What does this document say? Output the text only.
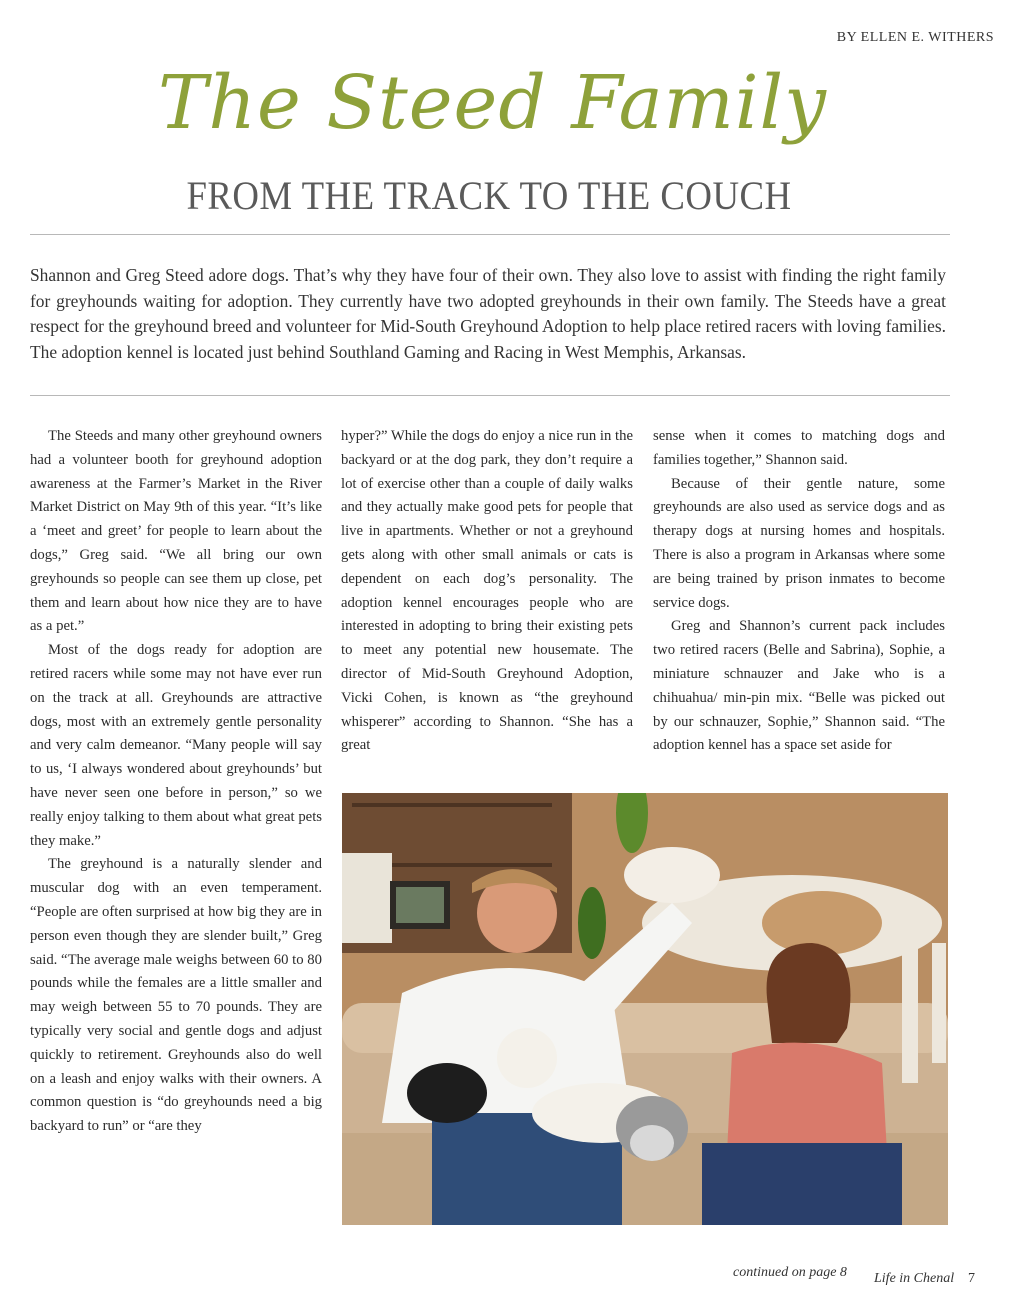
BY ELLEN E. WITHERS
The Steed Family
FROM THE TRACK TO THE COUCH
Shannon and Greg Steed adore dogs. That’s why they have four of their own. They also love to assist with finding the right family for greyhounds waiting for adoption. They currently have two adopted greyhounds in their own family. The Steeds have a great respect for the greyhound breed and volunteer for Mid-South Greyhound Adoption to help place retired racers with loving families. The adoption kennel is located just behind Southland Gaming and Racing in West Memphis, Arkansas.

The Steeds and many other greyhound owners had a volunteer booth for greyhound adoption awareness at the Farmer’s Market in the River Market District on May 9th of this year. “It’s like a ‘meet and greet’ for people to learn about the dogs,” Greg said. “We all bring our own greyhounds so people can see them up close, pet them and learn about how nice they are to have as a pet.”

Most of the dogs ready for adoption are retired racers while some may not have ever run on the track at all. Greyhounds are attractive dogs, most with an extremely gentle personality and very calm demeanor. “Many people will say to us, ‘I always wondered about greyhounds’ but have never seen one before in person,” so we really enjoy talking to them about what great pets they make.”

The greyhound is a naturally slender and muscular dog with an even temperament. “People are often surprised at how big they are in person even though they are slender built,” Greg said. “The average male weighs between 60 to 80 pounds while the females are a little smaller and may weigh between 55 to 70 pounds. They are typically very social and gentle dogs and adjust quickly to retirement. Greyhounds also do well on a leash and enjoy walks with their owners. A common question is “do greyhounds need a big backyard to run” or “are they

hyper?” While the dogs do enjoy a nice run in the backyard or at the dog park, they don’t require a lot of exercise other than a couple of daily walks and they actually make good pets for people that live in apartments. Whether or not a greyhound gets along with other small animals or cats is dependent on each dog’s personality. The adoption kennel encourages people who are interested in adopting to bring their existing pets to meet any potential new housemate. The director of Mid-South Greyhound Adoption, Vicki Cohen, is known as “the greyhound whisperer” according to Shannon. “She has a great

sense when it comes to matching dogs and families together,” Shannon said.

Because of their gentle nature, some greyhounds are also used as service dogs and as therapy dogs at nursing homes and hospitals. There is also a program in Arkansas where some are being trained by prison inmates to become service dogs.

Greg and Shannon’s current pack includes two retired racers (Belle and Sabrina), Sophie, a miniature schnauzer and Jake who is a chihuahua/ min-pin mix. “Belle was picked out by our schnauzer, Sophie,” Shannon said. “The adoption kennel has a space set aside for

continued on page 8 Life in Chenal 7
